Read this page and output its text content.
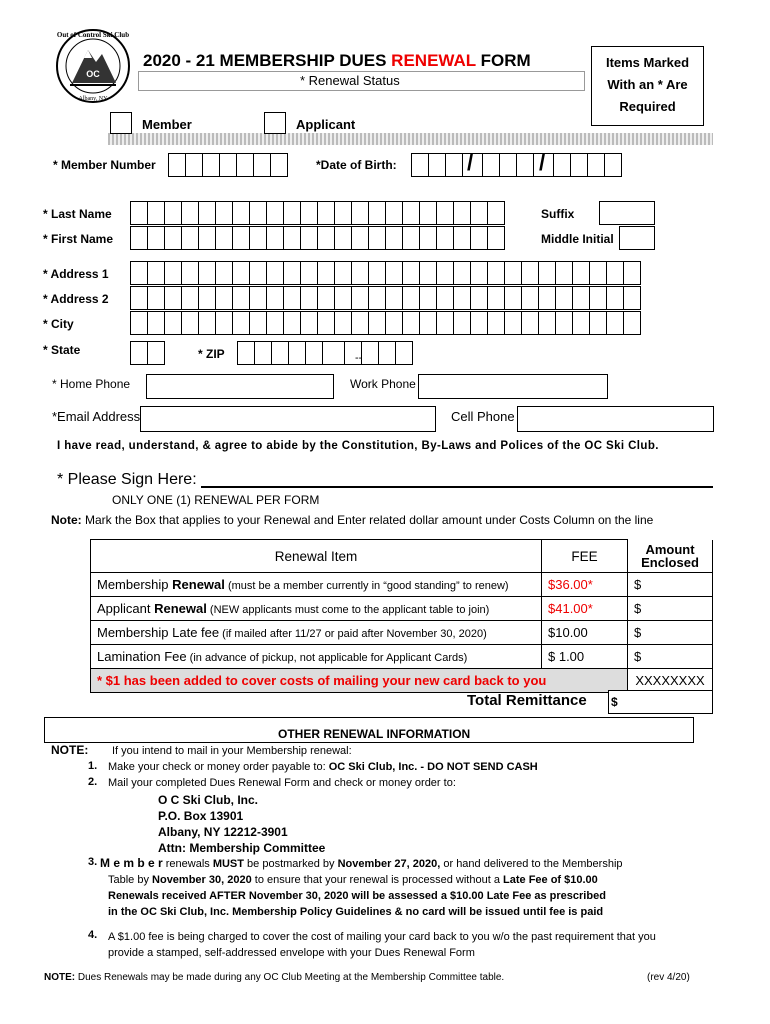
OC
Out of Control Ski Club
Albany, NY
2020 - 21 MEMBERSHIP DUES RENEWAL FORM
* Renewal Status
Items Marked
With an * Are
Required
Member	Applicant
* Member Number	*Date of Birth:	/	/
* Last Name
* First Name
Suffix
Middle Initial
* Address 1
* Address 2
* City
* State	* ZIP	--
* Home Phone	Work Phone
*Email Address	Cell Phone
I have read, understand, & agree to abide by the Constitution, By-Laws and Polices of the OC Ski Club.
* Please Sign Here:
ONLY ONE (1) RENEWAL PER FORM
Note: Mark the Box that applies to your Renewal and Enter related dollar amount under Costs Column on the line
Renewal Item	FEE	Amount Enclosed
Membership Renewal (must be a member currently in “good standing” to renew)	$36.00*	$
Applicant Renewal (NEW applicants must come to the applicant table to join)	$41.00*	$
Membership Late fee (if mailed after 11/27 or paid after November 30, 2020)	$10.00	$
Lamination Fee (in advance of pickup, not applicable for Applicant Cards)	$ 1.00	$
* $1 has been added to cover costs of mailing your new card back to you		XXXXXXXX
Total Remittance $
OTHER RENEWAL INFORMATION
NOTE: If you intend to mail in your Membership renewal:
1. Make your check or money order payable to: OC Ski Club, Inc. - DO NOT SEND CASH
2. Mail your completed Dues Renewal Form and check or money order to:
O C Ski Club, Inc.
P.O. Box 13901
Albany, NY 12212-3901
Attn: Membership Committee
3. M e m b e r renewals MUST be postmarked by November 27, 2020, or hand delivered to the Membership
Table by November 30, 2020 to ensure that your renewal is processed without a Late Fee of $10.00
Renewals received AFTER November 30, 2020 will be assessed a $10.00 Late Fee as prescribed
in the OC Ski Club, Inc. Membership Policy Guidelines & no card will be issued until fee is paid
4. A $1.00 fee is being charged to cover the cost of mailing your card back to you w/o the past requirement that you
provide a stamped, self-addressed envelope with your Dues Renewal Form
NOTE: Dues Renewals may be made during any OC Club Meeting at the Membership Committee table.	(rev 4/20)
